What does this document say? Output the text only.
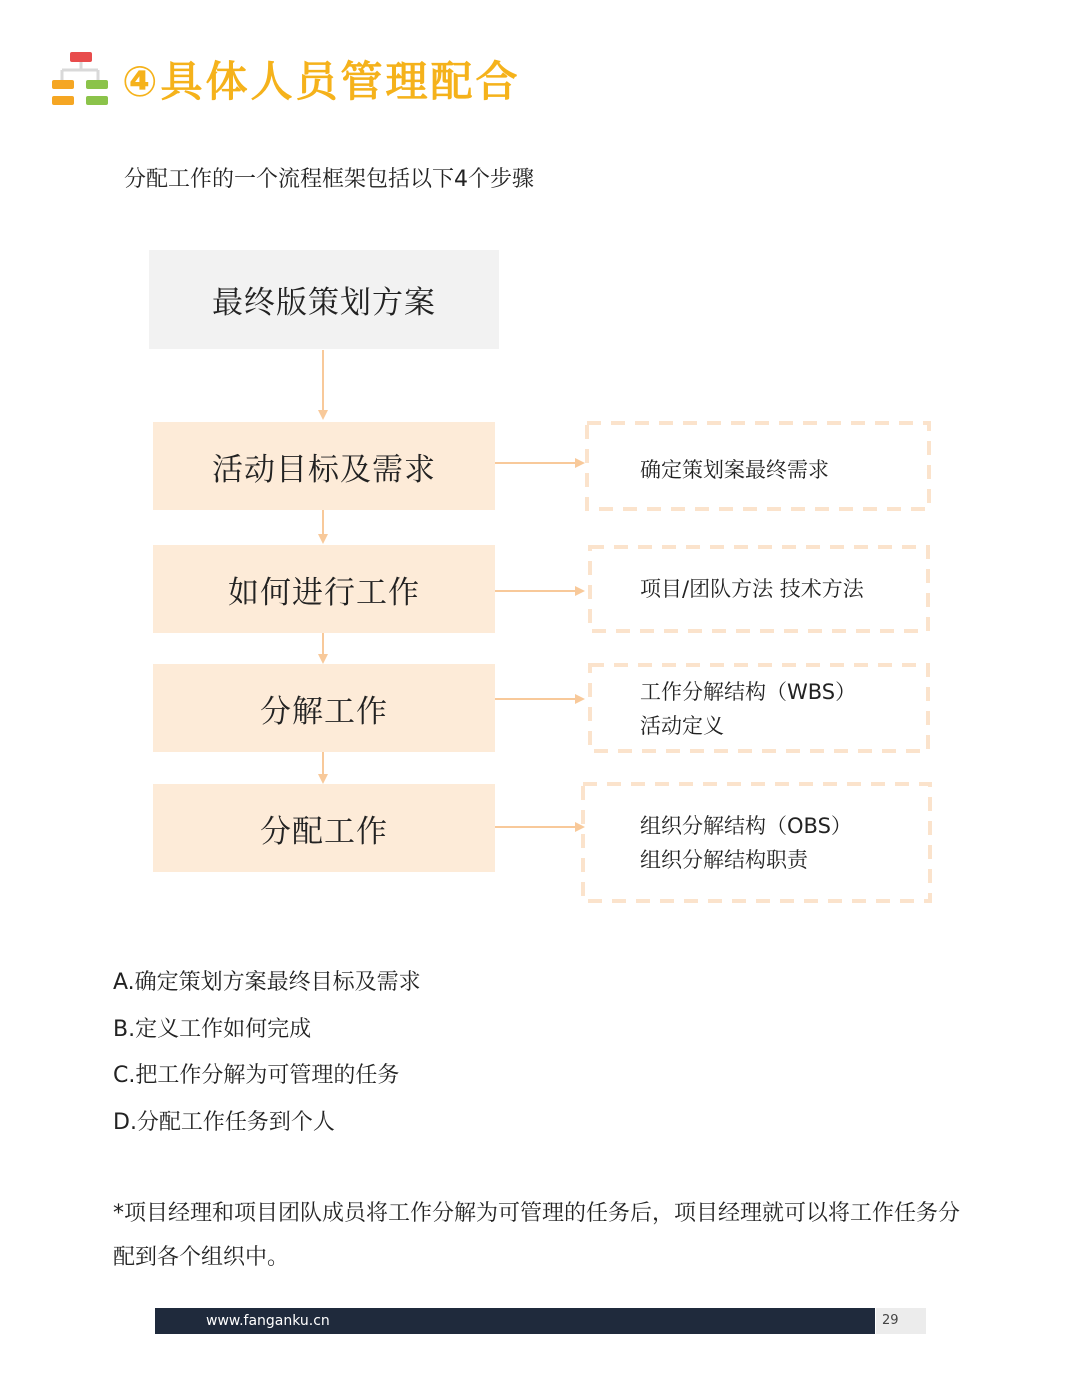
④具体人员管理配合
分配工作的一个流程框架包括以下4个步骤
最终版策划方案
活动目标及需求
如何进行工作
分解工作
分配工作
确定策划案最终需求
项目/团队方法 技术方法
工作分解结构（WBS）
活动定义
组织分解结构（OBS）
组织分解结构职责
A.确定策划方案最终目标及需求
B.定义工作如何完成
C.把工作分解为可管理的任务
D.分配工作任务到个人
*项目经理和项目团队成员将工作分解为可管理的任务后，项目经理就可以将工作任务分配到各个组织中。
www.fanganku.cn	29
